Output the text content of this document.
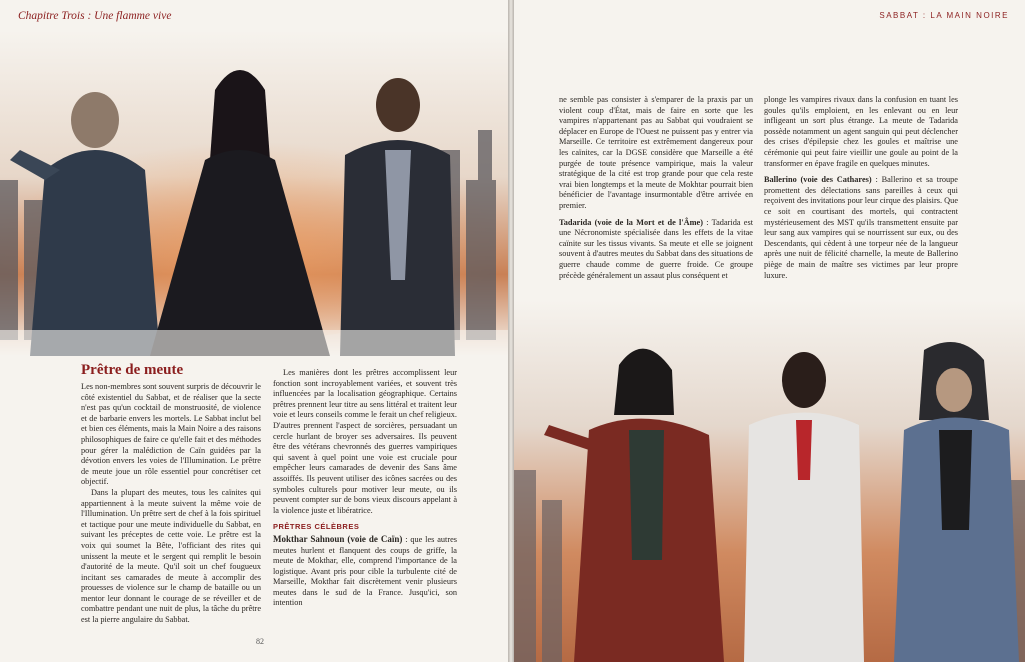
Chapitre Trois : Une flamme vive
Prêtre de meute

Les non-membres sont souvent surpris de découvrir le côté existentiel du Sabbat, et de réaliser que la secte n'est pas qu'un cocktail de monstruosité, de violence et de barbarie envers les mortels. Le Sabbat inclut bel et bien ces éléments, mais la Main Noire a des raisons philosophiques de faire ce qu'elle fait et des méthodes pour gérer la malédiction de Caïn guidées par la dévotion envers les voies de l'Illumination. Le prêtre de meute joue un rôle essentiel pour concrétiser cet objectif.

Dans la plupart des meutes, tous les caïnites qui appartiennent à la meute suivent la même voie de l'Illumination. Un prêtre sert de chef à la fois spirituel et tactique pour une meute individuelle du Sabbat, en suivant les préceptes de cette voie. Le prêtre est la voix qui soumet la Bête, l'officiant des rites qui unissent la meute et le sergent qui remplit le besoin d'autorité de la meute. Qu'il soit un chef fougueux incitant ses camarades de meute à accomplir des prouesses de violence sur le champ de bataille ou un mentor leur donnant le courage de se réveiller et de combattre pendant une nuit de plus, la tâche du prêtre est la pierre angulaire du Sabbat.

Les manières dont les prêtres accomplissent leur fonction sont incroyablement variées, et souvent très influencées par la localisation géographique. Certains prêtres prennent leur titre au sens littéral et traitent leur voie et leurs conseils comme le ferait un chef religieux. D'autres prennent l'aspect de sorcières, persuadant un cercle hurlant de broyer ses adversaires. Ils peuvent être des vétérans chevronnés des guerres vampiriques qui savent à quel point une voie est cruciale pour empêcher leurs camarades de devenir des Sans âme assoiffés. Ils peuvent utiliser des icônes sacrées ou des symboles culturels pour motiver leur meute, ou ils peuvent compter sur de bons vieux discours appelant à la violence juste et libératrice.

PRÊTRES CÉLÈBRES

Mokthar Sahnoun (voie de Caïn) : que les autres meutes hurlent et flanquent des coups de griffe, la meute de Mokthar, elle, comprend l'importance de la logistique. Avant pris pour cible la turbulente cité de Marseille, Mokthar fait discrètement venir plusieurs meutes dans le sud de la France. Jusqu'ici, son intention

82
SABBAT : LA MAIN NOIRE

ne semble pas consister à s'emparer de la praxis par un violent coup d'État, mais de faire en sorte que les vampires n'appartenant pas au Sabbat qui voudraient se déplacer en Europe de l'Ouest ne puissent pas y entrer via Marseille. Ce territoire est extrêmement dangereux pour les caïnites, car la DGSE considère que Marseille a été purgée de toute présence vampirique, mais la valeur stratégique de la cité est trop grande pour que cela reste vrai bien longtemps et la meute de Mokhtar pourrait bien bénéficier de l'avantage insurmontable d'être arrivée en premier.

Tadarida (voie de la Mort et de l'Âme) : Tadarida est une Nécronomiste spécialisée dans les effets de la vitae caïnite sur les tissus vivants. Sa meute et elle se joignent souvent à d'autres meutes du Sabbat dans des situations de guerre chaude comme de guerre froide. Ce groupe précède généralement un assaut plus conséquent et

plonge les vampires rivaux dans la confusion en tuant les goules qu'ils emploient, en les enlevant ou en leur infligeant un sort plus étrange. La meute de Tadarida possède notamment un agent sanguin qui peut déclencher des crises d'épilepsie chez les goules et maîtrise une cérémonie qui peut faire vieillir une goule au point de la transformer en épave fragile en quelques minutes.

Ballerino (voie des Cathares) : Ballerino et sa troupe promettent des délectations sans pareilles à ceux qui reçoivent des invitations pour leur cirque des plaisirs. Que ce soit en courtisant des mortels, qui contractent mystérieusement des MST qu'ils transmettent ensuite par leur sang aux vampires qui se nourrissent sur eux, ou des Descendants, qui cèdent à une torpeur née de la langueur après une nuit de félicité charnelle, la meute de Ballerino piège de main de maître ses victimes par leur propre luxure.
